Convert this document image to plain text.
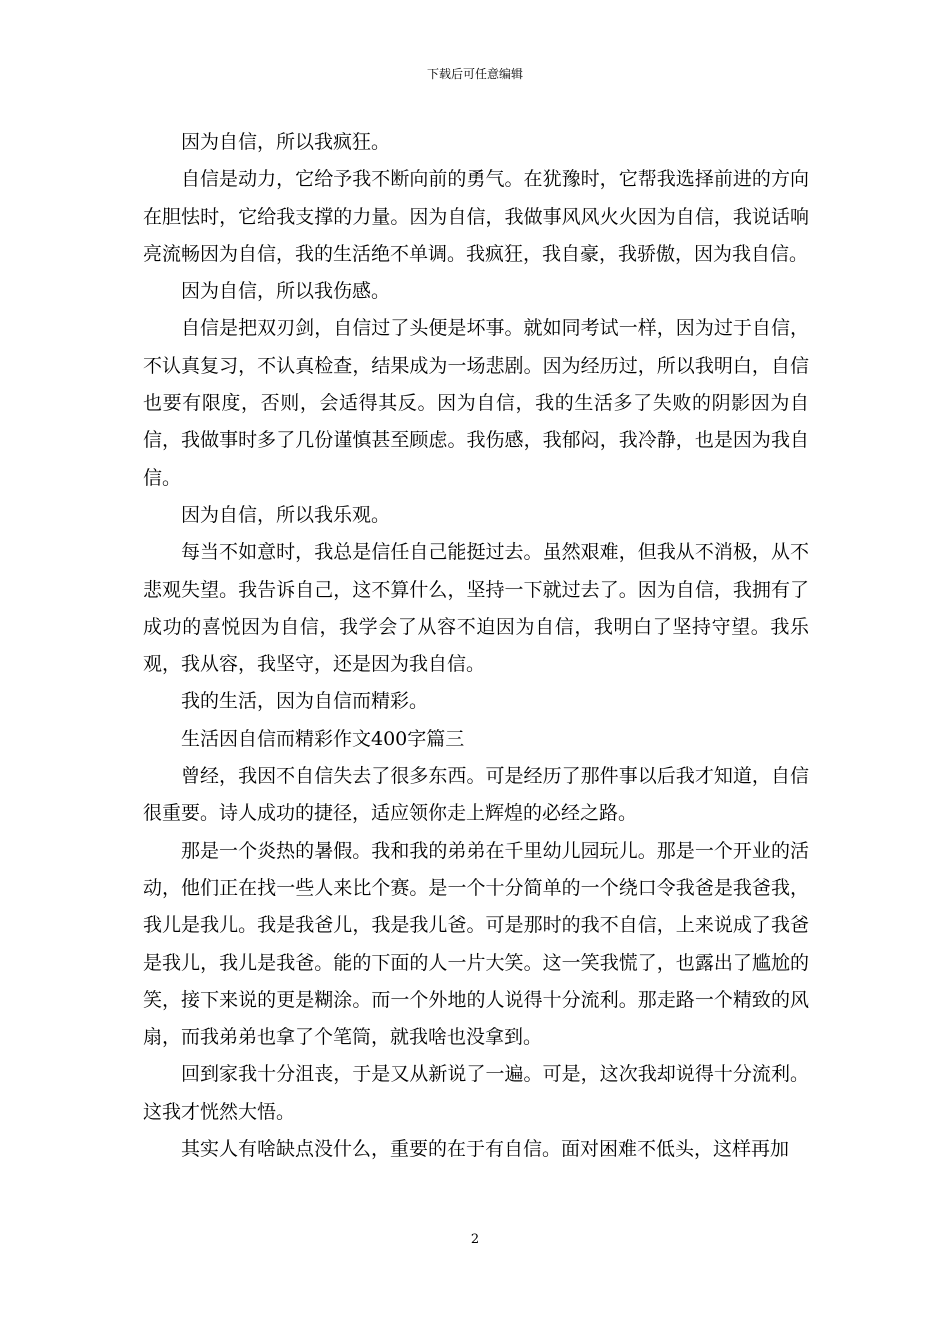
下载后可任意编辑

因为自信，所以我疯狂。

自信是动力，它给予我不断向前的勇气。在犹豫时，它帮我选择前进的方向在胆怯时，它给我支撑的力量。因为自信，我做事风风火火因为自信，我说话响亮流畅因为自信，我的生活绝不单调。我疯狂，我自豪，我骄傲，因为我自信。

因为自信，所以我伤感。

自信是把双刃剑，自信过了头便是坏事。就如同考试一样，因为过于自信，不认真复习，不认真检查，结果成为一场悲剧。因为经历过，所以我明白，自信也要有限度，否则，会适得其反。因为自信，我的生活多了失败的阴影因为自信，我做事时多了几份谨慎甚至顾虑。我伤感，我郁闷，我冷静，也是因为我自信。

因为自信，所以我乐观。

每当不如意时，我总是信任自己能挺过去。虽然艰难，但我从不消极，从不悲观失望。我告诉自己，这不算什么，坚持一下就过去了。因为自信，我拥有了成功的喜悦因为自信，我学会了从容不迫因为自信，我明白了坚持守望。我乐观，我从容，我坚守，还是因为我自信。

我的生活，因为自信而精彩。

生活因自信而精彩作文400字篇三

曾经，我因不自信失去了很多东西。可是经历了那件事以后我才知道，自信很重要。诗人成功的捷径，适应领你走上辉煌的必经之路。

那是一个炎热的暑假。我和我的弟弟在千里幼儿园玩儿。那是一个开业的活动，他们正在找一些人来比个赛。是一个十分简单的一个绕口令我爸是我爸我，我儿是我儿。我是我爸儿，我是我儿爸。可是那时的我不自信，上来说成了我爸是我儿，我儿是我爸。能的下面的人一片大笑。这一笑我慌了，也露出了尴尬的笑，接下来说的更是糊涂。而一个外地的人说得十分流利。那走路一个精致的风扇，而我弟弟也拿了个笔筒，就我啥也没拿到。

回到家我十分沮丧，于是又从新说了一遍。可是，这次我却说得十分流利。这我才恍然大悟。

其实人有啥缺点没什么，重要的在于有自信。面对困难不低头，这样再加

2
